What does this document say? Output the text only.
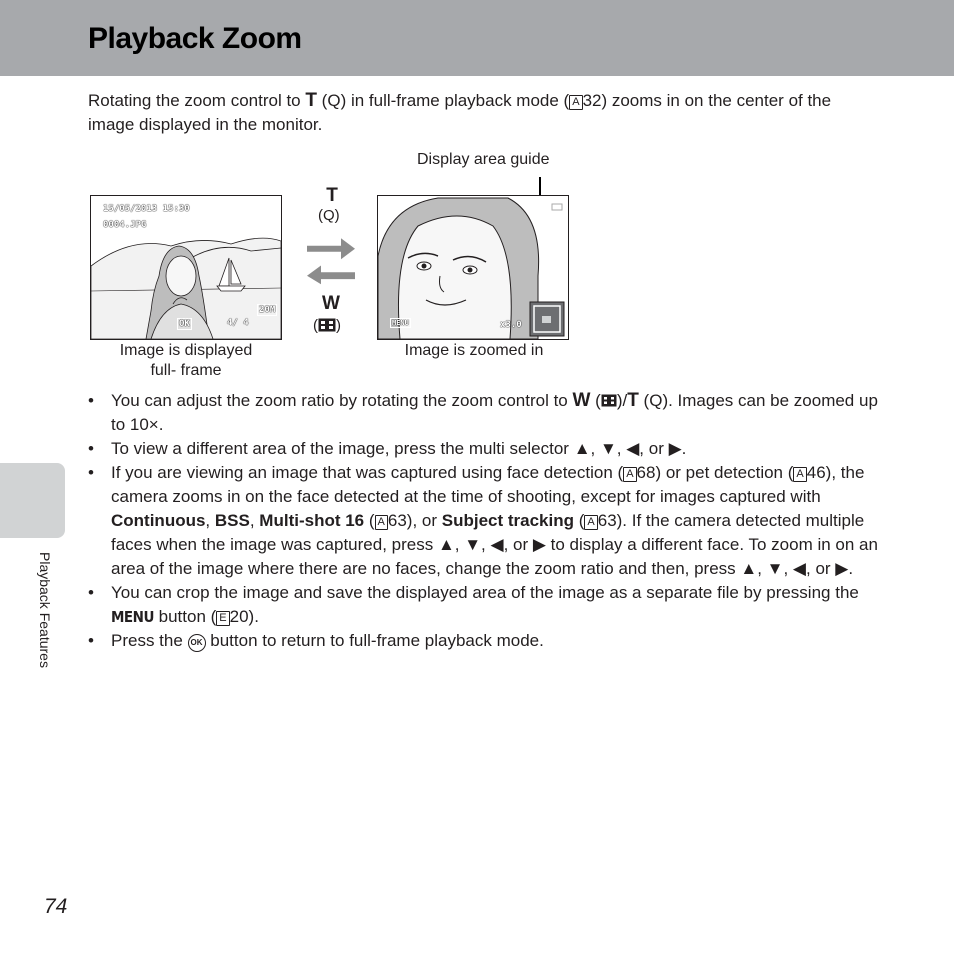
Playback Zoom
Rotating the zoom control to T (Q) in full-frame playback mode ( A 32) zooms in on the center of the image displayed in the monitor.
Display area guide
15/05/2013 15:30
0004.JPG
20M
OK	4/ 4
T
(Q)
W
( )	MENU	x3.0
Image is displayed full- frame
Image is zoomed in
• You can adjust the zoom ratio by rotating the zoom control to W ( )/T (Q). Images can be zoomed up to 10×.
• To view a different area of the image, press the multi selector ▲, ▼, ◀, or ▶.
• If you are viewing an image that was captured using face detection ( A 68) or pet detection ( A 46), the camera zooms in on the face detected at the time of shooting, except for images captured with Continuous, BSS, Multi-shot 16 ( A 63), or Subject tracking ( A 63). If the camera detected multiple faces when the image was captured, press ▲, ▼, ◀, or ▶ to display a different face. To zoom in on an area of the image where there are no faces, change the zoom ratio and then, press ▲, ▼, ◀, or ▶.
• You can crop the image and save the displayed area of the image as a separate file by pressing the MENU button ( E 20).
• Press the OK button to return to full-frame playback mode.
Playback Features
74
